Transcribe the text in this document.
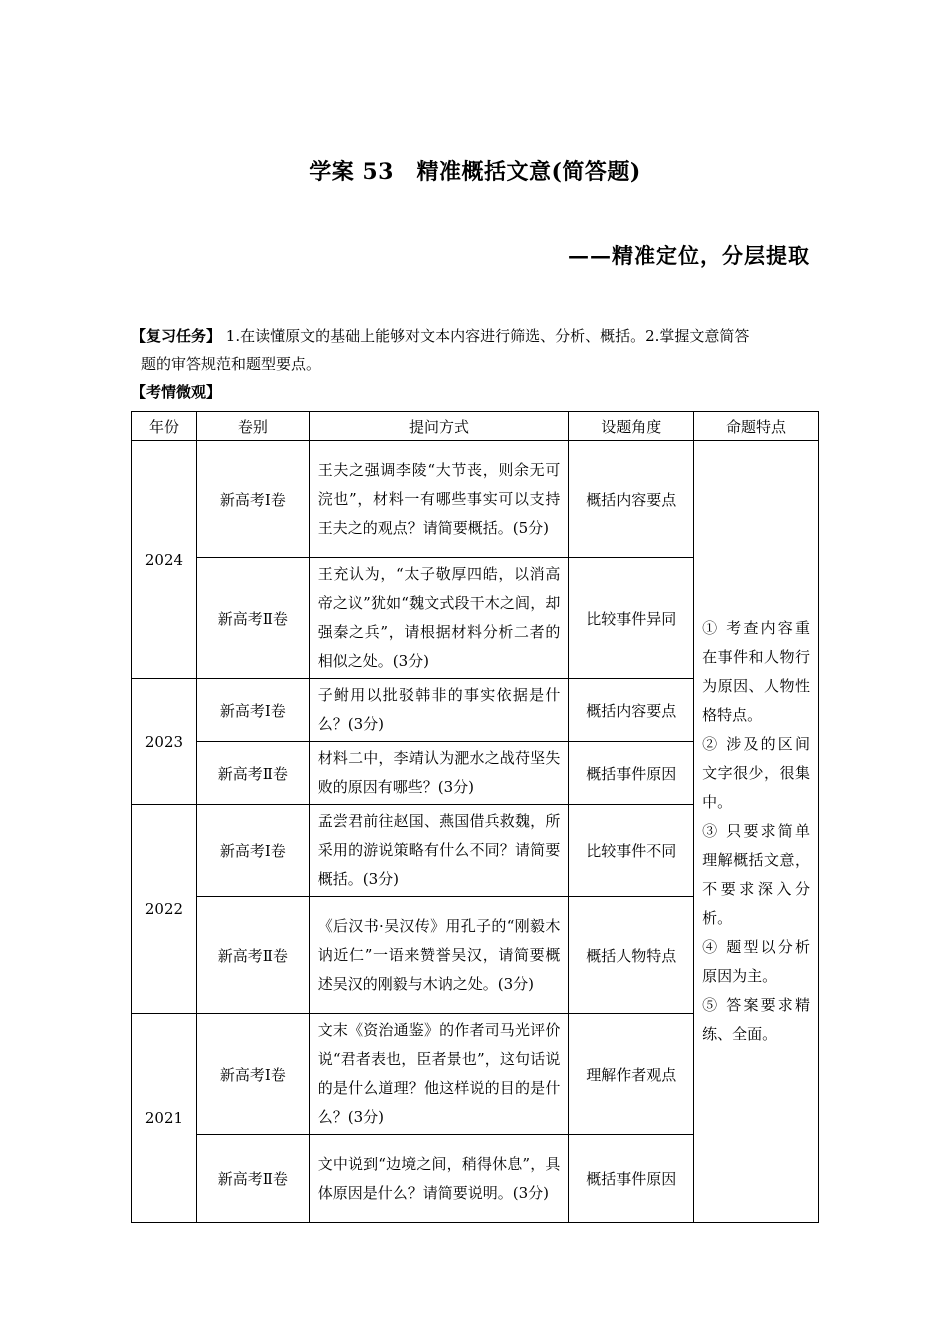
学案 53　精准概括文意(简答题)
——精准定位，分层提取
【复习任务】 1.在读懂原文的基础上能够对文本内容进行筛选、分析、概括。2.掌握文意简答
题的审答规范和题型要点。
【考情微观】
年份	卷别	提问方式	设题角度	命题特点
2024	新高考Ⅰ卷	王夫之强调李陵“大节丧，则余无可浣也”，材料一有哪些事实可以支持王夫之的观点？请简要概括。(5分)	概括内容要点	① 考查内容重在事件和人物行为原因、人物性格特点。
② 涉及的区间文字很少，很集中。
③ 只要求简单理解概括文意，不要求深入分析。
④ 题型以分析原因为主。
⑤ 答案要求精练、全面。

	新高考Ⅱ卷	王充认为，“太子敬厚四皓，以消高帝之议”犹如“魏文式段干木之闾，却强秦之兵”，请根据材料分析二者的相似之处。(3分)	比较事件异同	
2023	新高考Ⅰ卷	子鲋用以批驳韩非的事实依据是什么？(3分)	概括内容要点	
	新高考Ⅱ卷	材料二中，李靖认为淝水之战苻坚失败的原因有哪些？(3分)	概括事件原因	
2022	新高考Ⅰ卷	孟尝君前往赵国、燕国借兵救魏，所采用的游说策略有什么不同？请简要概括。(3分)	比较事件不同	
	新高考Ⅱ卷	《后汉书·吴汉传》用孔子的“刚毅木讷近仁”一语来赞誉吴汉，请简要概述吴汉的刚毅与木讷之处。(3分)	概括人物特点	
2021	新高考Ⅰ卷	文末《资治通鉴》的作者司马光评价说“君者表也，臣者景也”，这句话说的是什么道理？他这样说的目的是什么？(3分)	理解作者观点	
	新高考Ⅱ卷	文中说到“边境之间，稍得休息”，具体原因是什么？请简要说明。(3分)	概括事件原因	
